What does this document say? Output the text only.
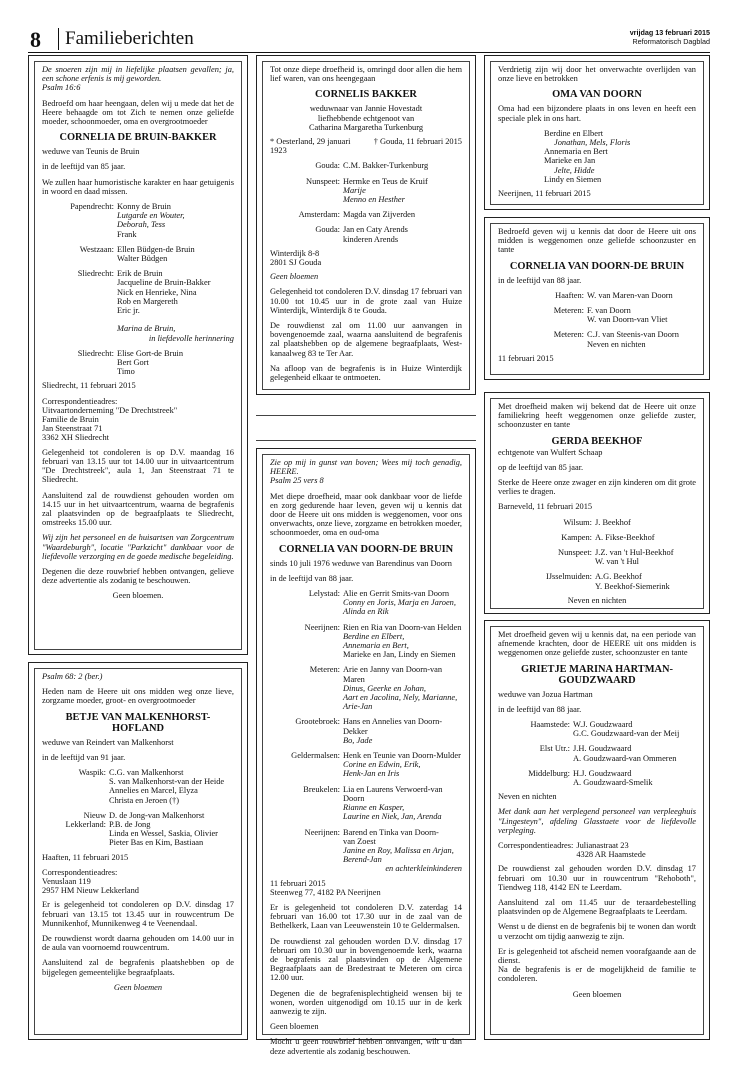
8	Familieberichten	vrijdag 13 februari 2015
Reformatorisch Dagblad

De snoeren zijn mij in liefelijke plaatsen gevallen; ja, een schone erfenis is mij geworden.

Psalm 16:6

Bedroefd om haar heengaan, delen wij u mede dat het de Heere behaagde om tot Zich te nemen onze geliefde moeder, schoonmoeder, oma en overgrootmoeder

CORNELIA DE BRUIN-BAKKER

weduwe van Teunis de Bruin

in de leeftijd van 85 jaar.

We zullen haar humoristische karakter en haar getuigenis in woord en daad missen.

Papendrecht: Konny de Bruin
Lutgarde en Wouter,
Deborah, Tess
Frank
Westzaan: Ellen Büdgen-de Bruin
Walter Büdgen
Sliedrecht: Erik de Bruin
Jacqueline de Bruin-Bakker
Nick en Henrieke, Nina
Rob en Margereth
Eric jr.
Marina de Bruin,
in liefdevolle herinnering
Sliedrecht: Elise Gort-de Bruin
Bert Gort
Timo

Sliedrecht, 11 februari 2015

Correspondentieadres:
Uitvaartonderneming "De Drechtstreek"
Familie de Bruin
Jan Steenstraat 71
3362 XH Sliedrecht

Gelegenheid tot condoleren is op D.V. maandag 16 februari van 13.15 uur tot 14.00 uur in uitvaartcentrum "De Drechtstreek", aula 1, Jan Steenstraat 71 te Sliedrecht.

Aansluitend zal de rouwdienst gehouden worden om 14.15 uur in het uitvaartcentrum, waarna de begrafenis zal plaatsvinden op de begraafplaats te Sliedrecht, omstreeks 15.00 uur.

Wij zijn het personeel en de huisartsen van Zorgcentrum "Waardeburgh", locatie "Parkzicht" dankbaar voor de liefdevolle verzorging en de goede medische begeleiding.

Degenen die deze rouwbrief hebben ontvangen, gelieve deze advertentie als zodanig te beschouwen.

Geen bloemen.

Psalm 68: 2 (ber.)

Heden nam de Heere uit ons midden weg onze lieve, zorgzame moeder, groot- en overgrootmoeder

BETJE VAN MALKENHORST-HOFLAND

weduwe van Reindert van Malkenhorst

in de leeftijd van 91 jaar.

Waspik: C.G. van Malkenhorst
S. van Malkenhorst-van der Heide
Annelies en Marcel, Elyza
Christa en Jeroen (†)
Nieuw Lekkerland:
D. de Jong-van Malkenhorst
P.B. de Jong
Linda en Wessel, Saskia, Olivier
Pieter Bas en Kim, Bastiaan

Haaften, 11 februari 2015

Correspondentieadres:
Venuslaan 119
2957 HM Nieuw Lekkerland

Er is gelegenheid tot condoleren op D.V. dinsdag 17 februari van 13.15 tot 13.45 uur in rouwcentrum De Munnikenhof, Munnikenweg 4 te Veenendaal.

De rouwdienst wordt daarna gehouden om 14.00 uur in de aula van voornoemd rouwcentrum.

Aansluitend zal de begrafenis plaatshebben op de bijgelegen gemeentelijke begraafplaats.

Geen bloemen

Tot onze diepe droefheid is, omringd door allen die hem lief waren, van ons heengegaan

CORNELIS BAKKER
weduwnaar van Jannie Hovestadt
liefhebbende echtgenoot van
Catharina Margaretha Turkenburg
* Oesterland, 29 januari 1923
† Gouda, 11 februari 2015
Gouda: C.M. Bakker-Turkenburg
Nunspeet: Hermke en Teus de Kruif
Marije
Menno en Hesther
Amsterdam: Magda van Zijverden
Gouda: Jan en Caty Arends
kinderen Arends
Winterdijk 8-8
2801 SJ Gouda

Geen bloemen

Gelegenheid tot condoleren D.V. dinsdag 17 februari van 10.00 tot 10.45 uur in de grote zaal van Huize Winterdijk, Winterdijk 8 te Gouda.

De rouwdienst zal om 11.00 uur aanvangen in bovengenoemde zaal, waarna aansluitend de begrafenis zal plaatshebben op de algemene begraafplaats, West-kanaalweg 83 te Ter Aar.

Na afloop van de begrafenis is in Huize Winterdijk gelegenheid elkaar te ontmoeten.

Zie op mij in gunst van boven; Wees mij toch genadig, HEERE.

Psalm 25 vers 8

Met diepe droefheid, maar ook dankbaar voor de liefde en zorg gedurende haar leven, geven wij u kennis dat door de Heere uit ons midden is weggenomen, voor ons onverwachts, onze lieve, zorgzame en betrokken moeder, schoonmoeder, oma en oud-oma

CORNELIA VAN DOORN-DE BRUIN

sinds 10 juli 1976 weduwe van Barendinus van Doorn

in de leeftijd van 88 jaar.

Lelystad: Alie en Gerrit Smits-van Doorn
Conny en Joris, Marja en Jaroen,
Alinda en Rik
Neerijnen: Rien en Ria van Doorn-van Helden
Berdine en Elbert,
Annemaria en Bert,
Marieke en Jan, Lindy en Siemen
Meteren: Arie en Janny van Doorn-van Maren
Dinus, Geerke en Johan,
Aart en Jacolina, Nely, Marianne,
Arie-Jan
Grootebroek: Hans en Annelies van Doorn-Dekker
Bo, Jade
Geldermalsen: Henk en Teunie van Doorn-Mulder
Corine en Edwin, Erik,
Henk-Jan en Iris
Breukelen: Lia en Laurens Verwoerd-van Doorn
Rianne en Kasper,
Laurine en Niek, Jan, Arenda
Neerijnen: Barend en Tinka van Doorn-
van Zoest
Janine en Roy, Malissa en Arjan,
Berend-Jan
en achterkleinkinderen
11 februari 2015

Steenweg 77, 4182 PA Neerijnen

Er is gelegenheid tot condoleren D.V. zaterdag 14 februari van 16.00 tot 17.30 uur in de zaal van de Bethelkerk, Laan van Leeuwenstein 10 te Geldermalsen.

De rouwdienst zal gehouden worden D.V. dinsdag 17 februari om 10.30 uur in bovengenoemde kerk, waarna de begrafenis zal plaatsvinden op de Algemene Begraafplaats aan de Bredestraat te Meteren om circa 12.00 uur.

Degenen die de begrafenisplechtigheid wensen bij te wonen, worden uitgenodigd om 10.15 uur in de kerk aanwezig te zijn.

Geen bloemen

Mocht u geen rouwbrief hebben ontvangen, wilt u dan deze advertentie als zodanig beschouwen.

Verdrietig zijn wij door het onverwachte overlijden van onze lieve en betrokken

OMA VAN DOORN

Oma had een bijzondere plaats in ons leven en heeft een speciale plek in ons hart.

Berdine en Elbert
Jonathan, Mels, Floris
Annemaria en Bert
Marieke en Jan
Jelte, Hidde
Lindy en Siemen
Neerijnen, 11 februari 2015

Bedroefd geven wij u kennis dat door de Heere uit ons midden is weggenomen onze geliefde schoonzuster en tante

CORNELIA VAN DOORN-DE BRUIN

in de leeftijd van 88 jaar.

Haaften: W. van Maren-van Doorn
Meteren: F. van Doorn
W. van Doorn-van Vliet
Meteren: C.J. van Steenis-van Doorn
Neven en nichten
11 februari 2015

Met droefheid maken wij bekend dat de Heere uit onze familiekring heeft weggenomen onze geliefde zuster, schoonzuster en tante

GERDA BEEKHOF

echtgenote van Wulfert Schaap

op de leeftijd van 85 jaar.

Sterke de Heere onze zwager en zijn kinderen om dit grote verlies te dragen.

Barneveld, 11 februari 2015

Wilsum: J. Beekhof
Kampen: A. Fikse-Beekhof
Nunspeet: J.Z. van 't Hul-Beekhof
W. van 't Hul
IJsselmuiden: A.G. Beekhof
Y. Beekhof-Siemerink
Neven en nichten

Met droefheid geven wij u kennis dat, na een periode van afnemende krachten, door de HEERE uit ons midden is weggenomen onze geliefde zuster, schoonzuster en tante

GRIETJE MARINA HARTMAN-GOUDZWAARD

weduwe van Jozua Hartman

in de leeftijd van 88 jaar.

Haamstede: W.J. Goudzwaard
G.C. Goudzwaard-van der Meij
Elst Utr.: J.H. Goudzwaard
A. Goudzwaard-van Ommeren
Middelburg: H.J. Goudzwaard
A. Goudzwaard-Smelik

Neven en nichten

Met dank aan het verplegend personeel van verpleeghuis "Lingesteyn", afdeling Glasstaete voor de liefdevolle verpleging.

Correspondentieadres: Julianastraat 23
4328 AR Haamstede

De rouwdienst zal gehouden worden D.V. dinsdag 17 februari om 10.30 uur in rouwcentrum "Rehoboth", Tiendweg 118, 4142 EN te Leerdam.

Aansluitend zal om 11.45 uur de teraardebestelling plaatsvinden op de Algemene Begraafplaats te Leerdam.

Wenst u de dienst en de begrafenis bij te wonen dan wordt u verzocht om tijdig aanwezig te zijn.

Er is gelegenheid tot afscheid nemen voorafgaande aan de dienst.

Na de begrafenis is er de mogelijkheid de familie te condoleren.

Geen bloemen
